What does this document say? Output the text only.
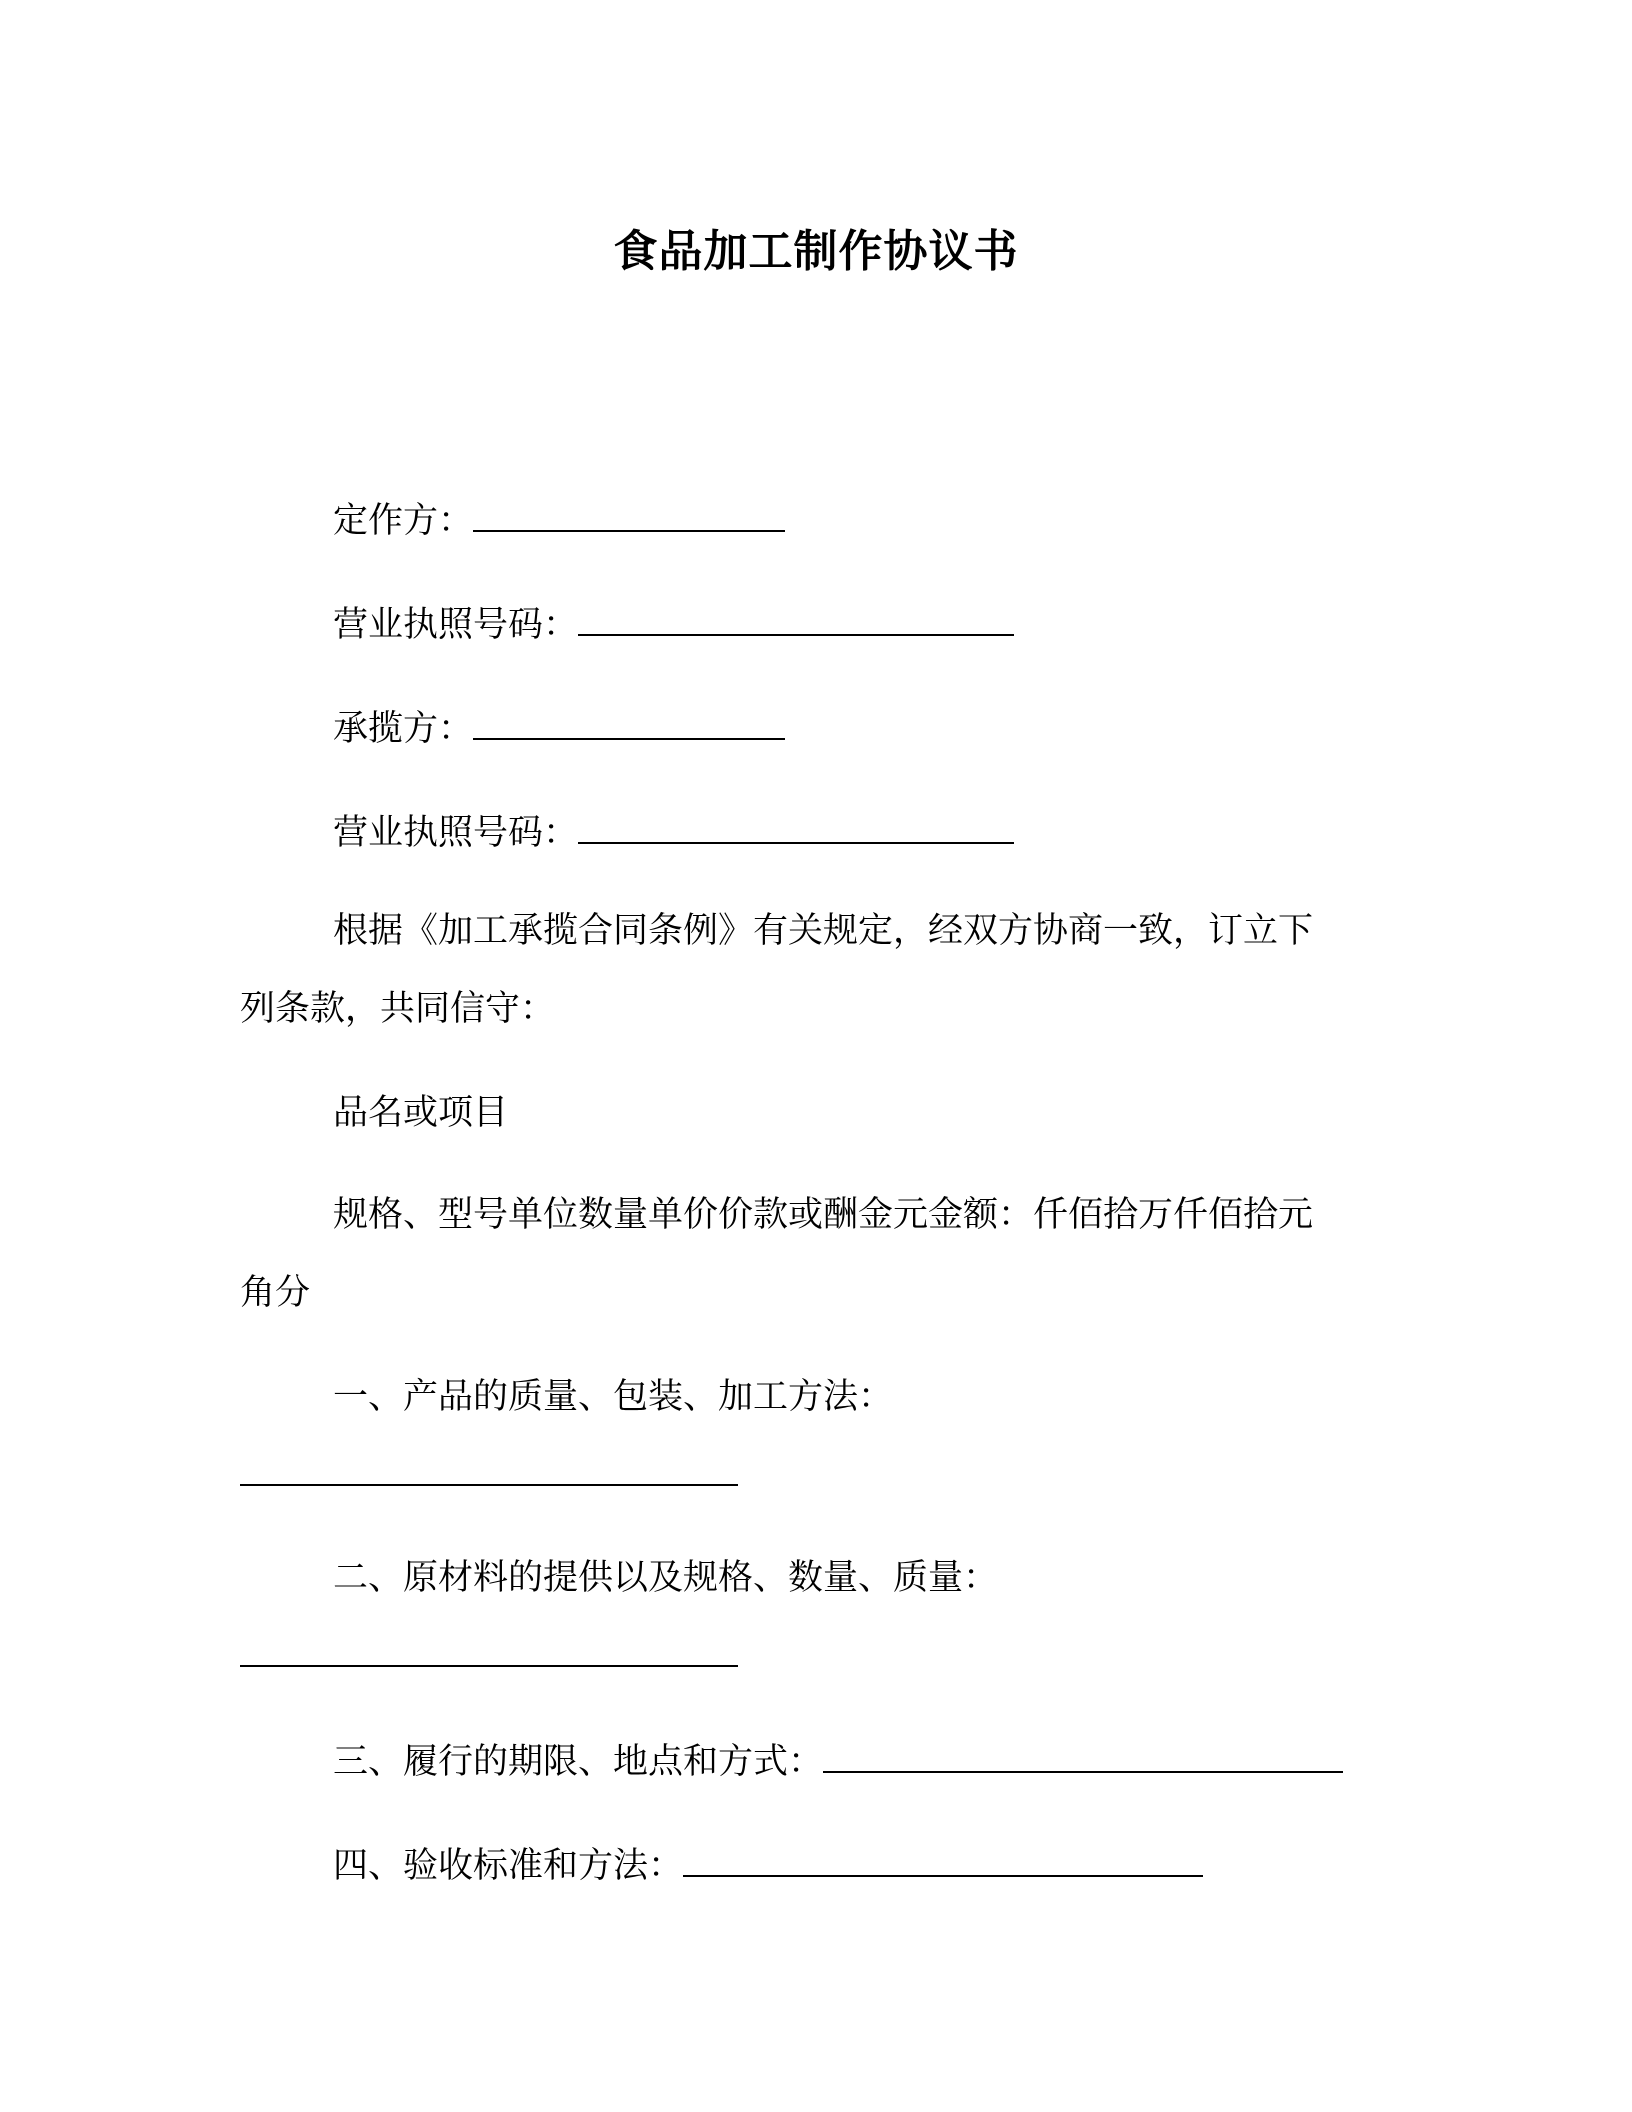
食品加工制作协议书

定作方：

营业执照号码：

承揽方：

营业执照号码：

根据《加工承揽合同条例》有关规定，经双方协商一致，订立下

列条款，共同信守：

品名或项目

规格、型号单位数量单价价款或酬金元金额：仟佰拾万仟佰拾元

角分

一、产品的质量、包装、加工方法：

二、原材料的提供以及规格、数量、质量：

三、履行的期限、地点和方式：

四、验收标准和方法：
